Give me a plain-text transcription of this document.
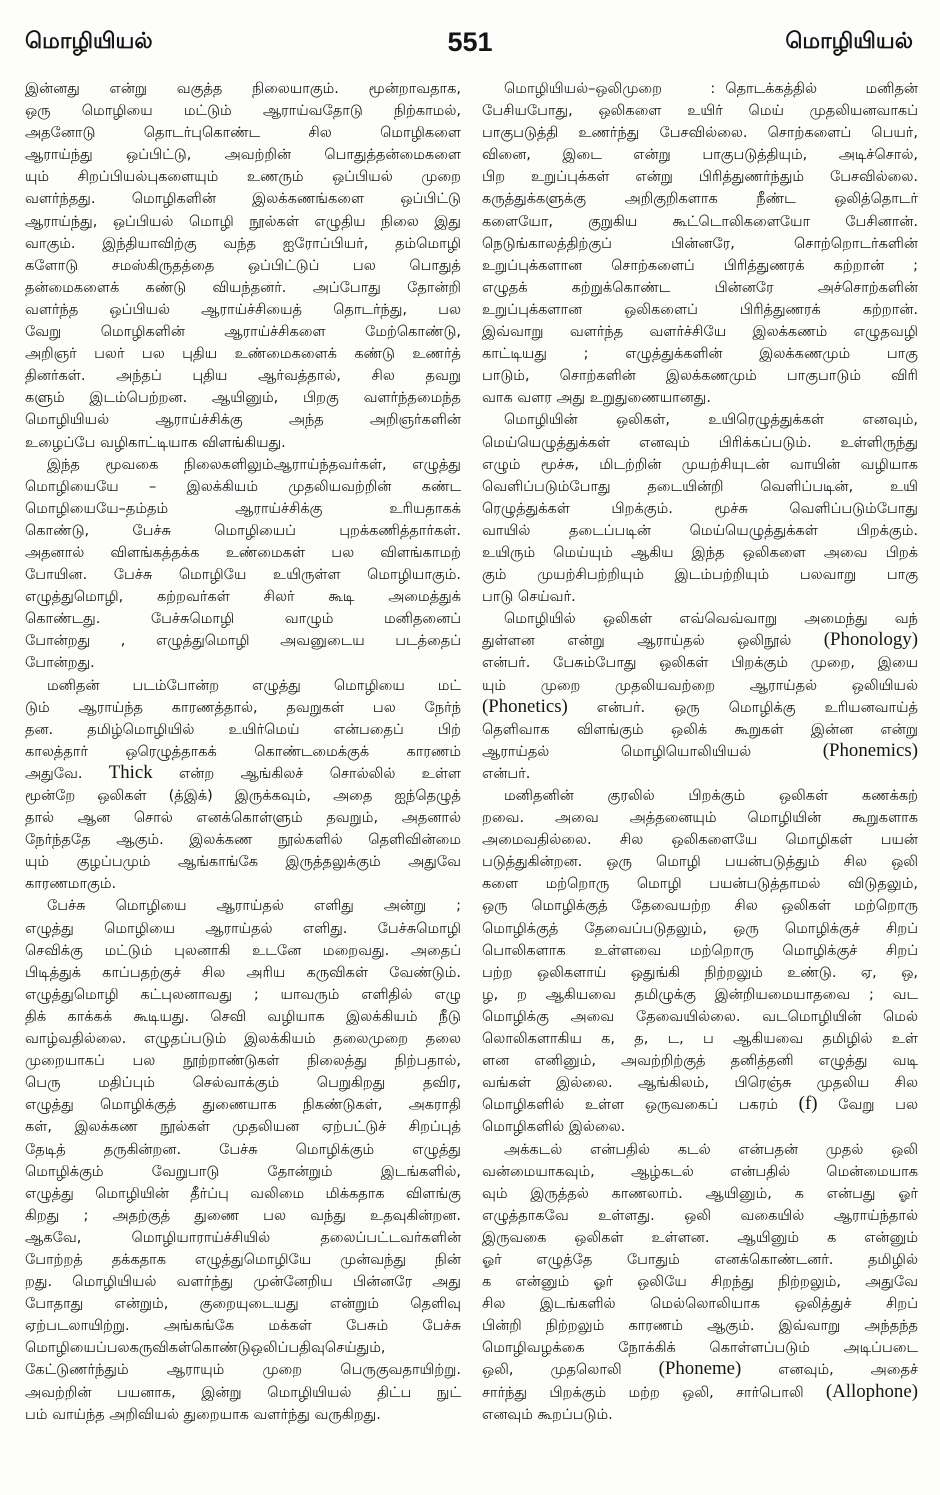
மொழியியல்	551	மொழியியல்
இன்னது என்று வகுத்த நிலையாகும். மூன்றாவதாக,
ஒரு மொழியை மட்டும் ஆராய்வதோடு நிற்காமல்,
அதனோடு தொடர்புகொண்ட சில மொழிகளை
ஆராய்ந்து ஒப்பிட்டு, அவற்றின் பொதுத்தன்மைகளை
யும் சிறப்பியல்புகளையும் உணரும் ஒப்பியல் முறை
வளர்ந்தது. மொழிகளின் இலக்கணங்களை ஒப்பிட்டு
ஆராய்ந்து, ஒப்பியல் மொழி நூல்கள் எழுதிய நிலை இது
வாகும். இந்தியாவிற்கு வந்த ஐரோப்பியர், தம்மொழி
களோடு சமஸ்கிருதத்தை ஒப்பிட்டுப் பல பொதுத்
தன்மைகளைக் கண்டு வியந்தனர். அப்போது தோன்றி
வளர்ந்த ஒப்பியல் ஆராய்ச்சியைத் தொடர்ந்து, பல
வேறு மொழிகளின் ஆராய்ச்சிகளை மேற்கொண்டு,
அறிஞர் பலர் பல புதிய உண்மைகளைக் கண்டு உணர்த்
தினர்கள். அந்தப் புதிய ஆர்வத்தால், சில தவறு
களும் இடம்பெற்றன. ஆயினும், பிறகு வளர்ந்தமைந்த
மொழியியல் ஆராய்ச்சிக்கு அந்த அறிஞர்களின்
உழைப்பே வழிகாட்டியாக விளங்கியது.
இந்த மூவகை நிலைகளிலும்ஆராய்ந்தவர்கள், எழுத்து
மொழியையே – இலக்கியம் முதலியவற்றின் கண்ட
மொழியையே–தம்தம் ஆராய்ச்சிக்கு உரியதாகக்
கொண்டு, பேச்சு மொழியைப் புறக்கணித்தார்கள்.
அதனால் விளங்கத்தக்க உண்மைகள் பல விளங்காமற்
போயின. பேச்சு மொழியே உயிருள்ள மொழியாகும்.
எழுத்துமொழி, கற்றவர்கள் சிலர் கூடி அமைத்துக்
கொண்டது. பேச்சுமொழி வாழும் மனிதனைப்
போன்றது , எழுத்துமொழி அவனுடைய படத்தைப்
போன்றது.
மனிதன் படம்போன்ற எழுத்து மொழியை மட்
டும் ஆராய்ந்த காரணத்தால், தவறுகள் பல நேர்ந்
தன. தமிழ்மொழியில் உயிர்மெய் என்பதைப் பிற்
காலத்தார் ஒரெழுத்தாகக் கொண்டமைக்குக் காரணம்
அதுவே. Thick என்ற ஆங்கிலச் சொல்லில் உள்ள
மூன்றே ஒலிகள் (த்இக்) இருக்கவும், அதை ஐந்தெழுத்
தால் ஆன சொல் எனக்கொள்ளும் தவறும், அதனால்
நேர்ந்ததே ஆகும். இலக்கண நூல்களில் தெளிவின்மை
யும் குழப்பமும் ஆங்காங்கே இருத்தலுக்கும் அதுவே
காரணமாகும்.
பேச்சு மொழியை ஆராய்தல் எளிது அன்று ;
எழுத்து மொழியை ஆராய்தல் எளிது. பேச்சுமொழி
செவிக்கு மட்டும் புலனாகி உடனே மறைவது. அதைப்
பிடித்துக் காப்பதற்குச் சில அரிய கருவிகள் வேண்டும்.
எழுத்துமொழி கட்புலனாவது ; யாவரும் எளிதில் எழு
திக் காக்கக் கூடியது. செவி வழியாக இலக்கியம் நீடு
வாழ்வதில்லை. எழுதப்படும் இலக்கியம் தலைமுறை தலை
முறையாகப் பல நூற்றாண்டுகள் நிலைத்து நிற்பதால்,
பெரு மதிப்பும் செல்வாக்கும் பெறுகிறது தவிர,
எழுத்து மொழிக்குத் துணையாக நிகண்டுகள், அகராதி
கள், இலக்கண நூல்கள் முதலியன ஏற்பட்டுச் சிறப்புத்
தேடித் தருகின்றன. பேச்சு மொழிக்கும் எழுத்து
மொழிக்கும் வேறுபாடு தோன்றும் இடங்களில்,
எழுத்து மொழியின் தீர்ப்பு வலிமை மிக்கதாக விளங்கு
கிறது ; அதற்குத் துணை பல வந்து உதவுகின்றன.
ஆகவே, மொழியாராய்ச்சியில் தலைப்பட்டவர்களின்
போற்றத் தக்கதாக எழுத்துமொழியே முன்வந்து நின்
றது. மொழியியல் வளர்ந்து முன்னேறிய பின்னரே அது
போதாது என்றும், குறையுடையது என்றும் தெளிவு
ஏற்படலாயிற்று. அங்கங்கே மக்கள் பேசும் பேச்சு
மொழியைப்பலகருவிகள்கொண்டுஒலிப்பதிவுசெய்தும்,
கேட்டுணர்ந்தும் ஆராயும் முறை பெருகுவதாயிற்று.
அவற்றின் பயனாக, இன்று மொழியியல் திட்ப நுட்
பம் வாய்ந்த அறிவியல் துறையாக வளர்ந்து வருகிறது.
மொழியியல்–ஒலிமுறை : தொடக்கத்தில் மனிதன்
பேசியபோது, ஒலிகளை உயிர் மெய் முதலியனவாகப்
பாகுபடுத்தி உணர்ந்து பேசவில்லை. சொற்களைப் பெயர்,
வினை, இடை என்று பாகுபடுத்தியும், அடிச்சொல்,
பிற உறுப்புக்கள் என்று பிரித்துணர்ந்தும் பேசவில்லை.
கருத்துக்களுக்கு அறிகுறிகளாக நீண்ட ஒலித்தொடர்
களையோ, குறுகிய கூட்டொலிகளையோ பேசினான்.
நெடுங்காலத்திற்குப் பின்னரே, சொற்றொடர்களின்
உறுப்புக்களான சொற்களைப் பிரித்துணரக் கற்றான் ;
எழுதக் கற்றுக்கொண்ட பின்னரே அச்சொற்களின்
உறுப்புக்களான ஒலிகளைப் பிரித்துணரக் கற்றான்.
இவ்வாறு வளர்ந்த வளர்ச்சியே இலக்கணம் எழுதவழி
காட்டியது ; எழுத்துக்களின் இலக்கணமும் பாகு
பாடும், சொற்களின் இலக்கணமும் பாகுபாடும் விரி
வாக வளர அது உறுதுணையானது.
மொழியின் ஒலிகள், உயிரெழுத்துக்கள் எனவும்,
மெய்யெழுத்துக்கள் எனவும் பிரிக்கப்படும். உள்ளிருந்து
எழும் மூச்சு, மிடற்றின் முயற்சியுடன் வாயின் வழியாக
வெளிப்படும்போது தடையின்றி வெளிப்படின், உயி
ரெழுத்துக்கள் பிறக்கும். மூச்சு வெளிப்படும்போது
வாயில் தடைப்படின் மெய்யெழுத்துக்கள் பிறக்கும்.
உயிரும் மெய்யும் ஆகிய இந்த ஒலிகளை அவை பிறக்
கும் முயற்சிபற்றியும் இடம்பற்றியும் பலவாறு பாகு
பாடு செய்வர்.
மொழியில் ஒலிகள் எவ்வெவ்வாறு அமைந்து வந்
துள்ளன என்று ஆராய்தல் ஒலிநூல் (Phonology)
என்பர். பேசும்போது ஒலிகள் பிறக்கும் முறை, இயை
யும் முறை முதலியவற்றை ஆராய்தல் ஒலியியல்
(Phonetics) என்பர். ஒரு மொழிக்கு உரியனவாய்த்
தெளிவாக விளங்கும் ஒலிக் கூறுகள் இன்ன என்று
ஆராய்தல் மொழியொலியியல் (Phonemics)
என்பர்.
மனிதனின் குரலில் பிறக்கும் ஒலிகள் கணக்கற்
றவை. அவை அத்தனையும் மொழியின் கூறுகளாக
அமைவதில்லை. சில ஒலிகளையே மொழிகள் பயன்
படுத்துகின்றன. ஒரு மொழி பயன்படுத்தும் சில ஒலி
களை மற்றொரு மொழி பயன்படுத்தாமல் விடுதலும்,
ஒரு மொழிக்குத் தேவையற்ற சில ஒலிகள் மற்றொரு
மொழிக்குத் தேவைப்படுதலும், ஒரு மொழிக்குச் சிறப்
பொலிகளாக உள்ளவை மற்றொரு மொழிக்குச் சிறப்
பற்ற ஒலிகளாய் ஒதுங்கி நிற்றலும் உண்டு. ஏ, ஒ,
ழ, ற ஆகியவை தமிழுக்கு இன்றியமையாதவை ; வட
மொழிக்கு அவை தேவையில்லை. வடமொழியின் மெல்
லொலிகளாகிய க, த, ட, ப ஆகியவை தமிழில் உள்
ளன எனினும், அவற்றிற்குத் தனித்தனி எழுத்து வடி
வங்கள் இல்லை. ஆங்கிலம், பிரெஞ்சு முதலிய சில
மொழிகளில் உள்ள ஒருவகைப் பகரம் (f) வேறு பல
மொழிகளில் இல்லை.
அக்கடல் என்பதில் கடல் என்பதன் முதல் ஒலி
வன்மையாகவும், ஆழ்கடல் என்பதில் மென்மையாக
வும் இருத்தல் காணலாம். ஆயினும், க என்பது ஓர்
எழுத்தாகவே உள்ளது. ஒலி வகையில் ஆராய்ந்தால்
இருவகை ஒலிகள் உள்ளன. ஆயினும் க என்னும்
ஓர் எழுத்தே போதும் எனக்கொண்டனர். தமிழில்
க என்னும் ஓர் ஒலியே சிறந்து நிற்றலும், அதுவே
சில இடங்களில் மெல்லொலியாக ஒலித்துச் சிறப்
பின்றி நிற்றலும் காரணம் ஆகும். இவ்வாறு அந்தந்த
மொழிவழக்கை நோக்கிக் கொள்ளப்படும் அடிப்படை
ஒலி, முதலொலி (Phoneme) எனவும், அதைச்
சார்ந்து பிறக்கும் மற்ற ஒலி, சார்பொலி (Allophone)
எனவும் கூறப்படும்.
